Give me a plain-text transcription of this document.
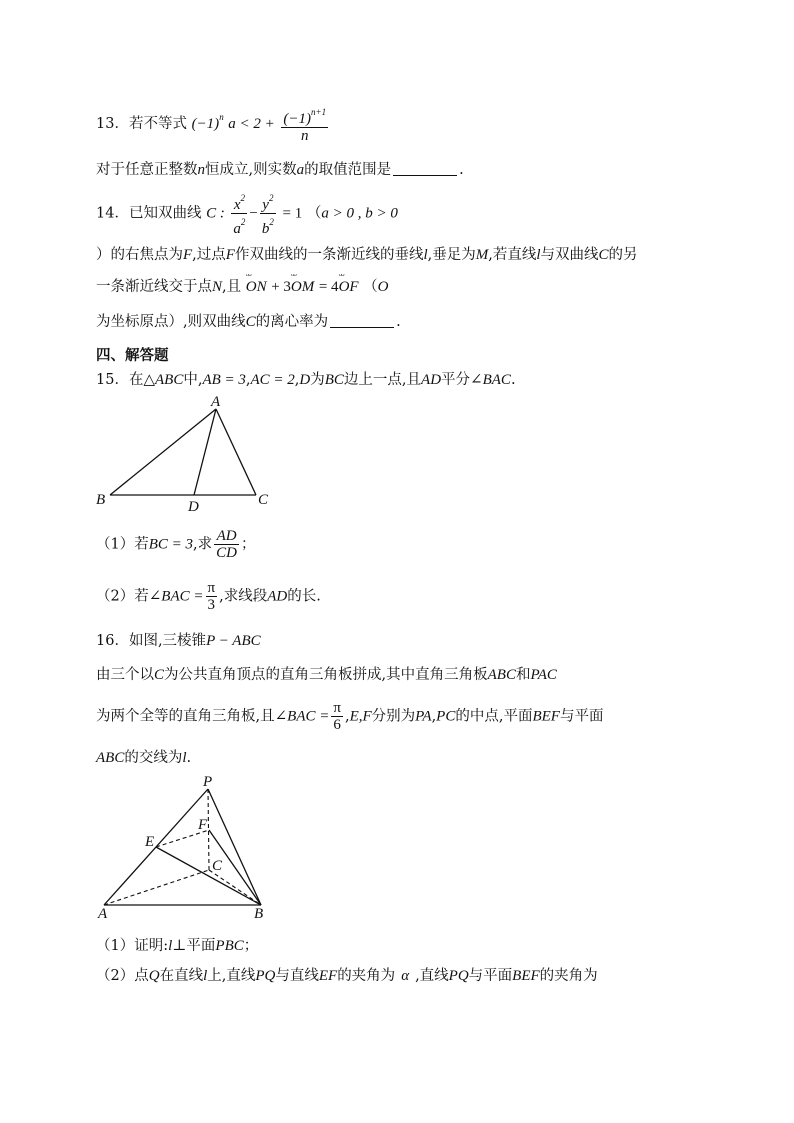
13．若不等式 $(-1)^n$ $a < 2 + \frac{(-1)^{n+1}}{n}$
对于任意正整数n恒成立,则实数a的取值范围是	.
14．已知双曲线 C : $\frac{x^2}{a^2} - \frac{y^2}{b^2} = 1$ （a > 0 , b > 0
）的右焦点为F,过点F作双曲线的一条渐近线的垂线l,垂足为M,若直线l与双曲线C的另
一条渐近线交于点N,且 ᴗᴗ ON + 3ᴗᴗ OM = 4ᴗᴗ OF （O
为坐标原点）,则双曲线C的离心率为	.
四、解答题
15．在△ABC中,AB = 3,AC = 2,D为BC边上一点,且AD平分∠BAC.
A
B	C
D
（1）若BC = 3,求 $\frac{AD}{CD}$ ；
（2）若∠BAC = $\frac{\pi}{3}$ ,求线段AD的长.
16．如图,三棱锥P − ABC
由三个以C为公共直角顶点的直角三角板拼成,其中直角三角板ABC和PAC
为两个全等的直角三角板,且∠BAC = $\frac{\pi}{6} ,E,F$分别为PA,PC的中点,平面BEF与平面
ABC的交线为l.
P
F
E
C
A	B
（1）证明:l⊥平面PBC；
（2）点Q在直线l上,直线PQ与直线EF的夹角为 α ,直线PQ与平面BEF的夹角为
